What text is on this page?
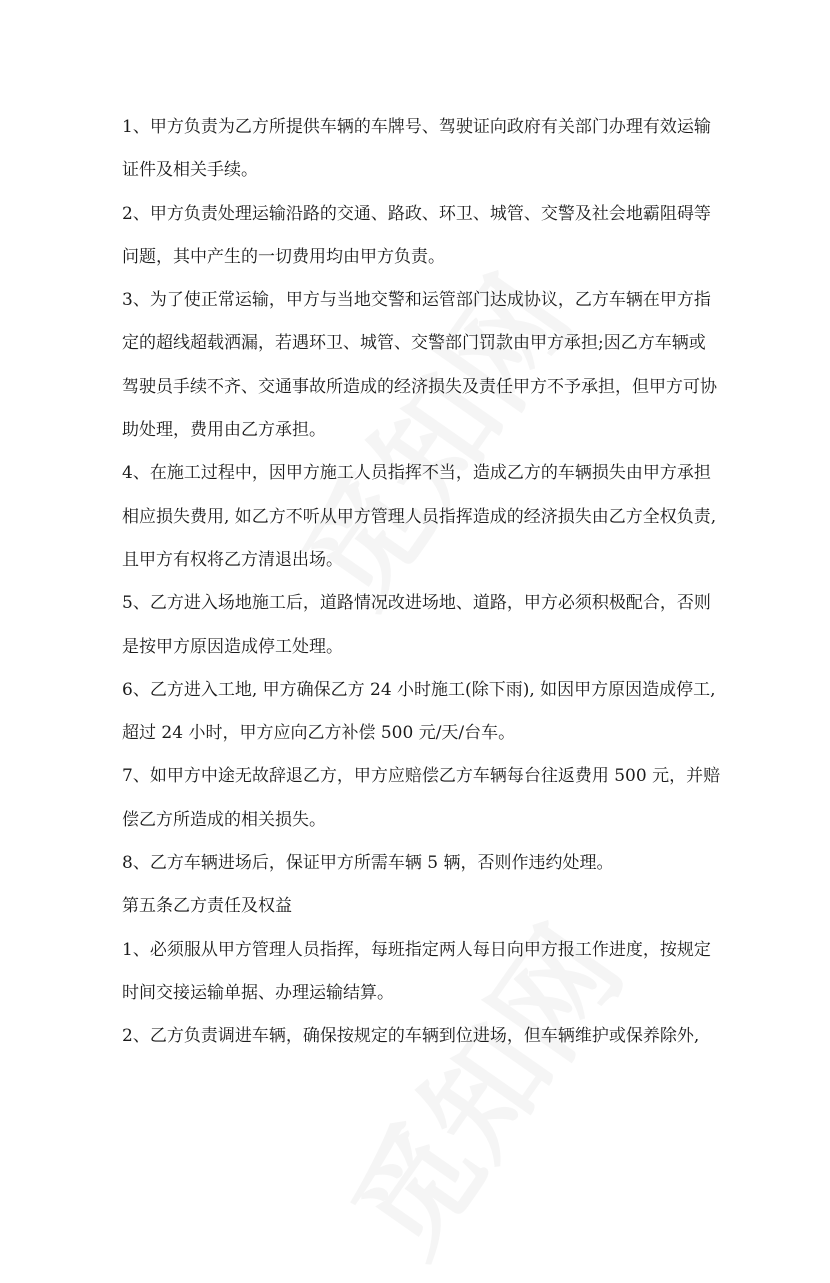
1、甲方负责为乙方所提供车辆的车牌号、驾驶证向政府有关部门办理有效运输
证件及相关手续。
2、甲方负责处理运输沿路的交通、路政、环卫、城管、交警及社会地霸阻碍等
问题，其中产生的一切费用均由甲方负责。
3、为了使正常运输，甲方与当地交警和运管部门达成协议，乙方车辆在甲方指
定的超线超载洒漏，若遇环卫、城管、交警部门罚款由甲方承担;因乙方车辆或
驾驶员手续不齐、交通事故所造成的经济损失及责任甲方不予承担，但甲方可协
助处理，费用由乙方承担。
4、在施工过程中，因甲方施工人员指挥不当，造成乙方的车辆损失由甲方承担
相应损失费用, 如乙方不听从甲方管理人员指挥造成的经济损失由乙方全权负责,
且甲方有权将乙方清退出场。
5、乙方进入场地施工后，道路情况改进场地、道路，甲方必须积极配合，否则
是按甲方原因造成停工处理。
6、乙方进入工地, 甲方确保乙方 24 小时施工(除下雨), 如因甲方原因造成停工,
超过 24 小时，甲方应向乙方补偿 500 元/天/台车。
7、如甲方中途无故辞退乙方，甲方应赔偿乙方车辆每台往返费用 500 元，并赔
偿乙方所造成的相关损失。
8、乙方车辆进场后，保证甲方所需车辆 5 辆，否则作违约处理。
第五条乙方责任及权益
1、必须服从甲方管理人员指挥，每班指定两人每日向甲方报工作进度，按规定
时间交接运输单据、办理运输结算。
2、乙方负责调进车辆，确保按规定的车辆到位进场，但车辆维护或保养除外,
